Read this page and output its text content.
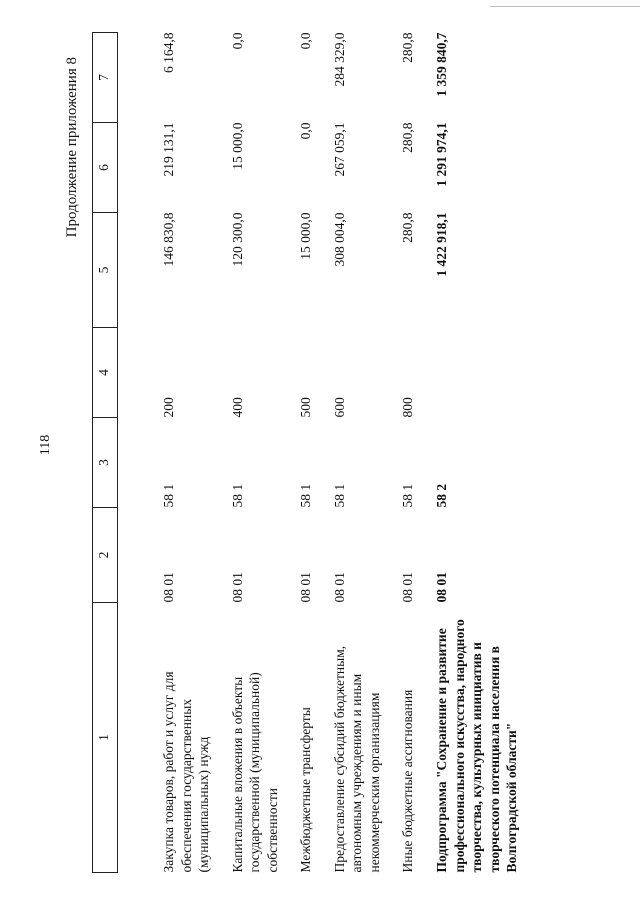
118
Продолжение приложения 8
1	2	3	4	5	6	7

Закупка товаров, работ и услуг для обеспечения государственных (муниципальных) нужд	08 01	58 1	200	146 830,8	219 131,1	6 164,8
Капитальные вложения в объекты государственной (муниципальной) собственности	08 01	58 1	400	120 300,0	15 000,0	0,0
Межбюджетные трансферты	08 01	58 1	500	15 000,0	0,0	0,0
Предоставление субсидий бюджетным, автономным учреждениям и иным некоммерческим организациям	08 01	58 1	600	308 004,0	267 059,1	284 329,0
Иные бюджетные ассигнования	08 01	58 1	800	280,8	280,8	280,8
Подпрограмма "Сохранение и развитие профессионального искусства, народного творчества, культурных инициатив и творческого потенциала населения в Волгоградской области"	08 01	58 2		1 422 918,1	1 291 974,1	1 359 840,7
